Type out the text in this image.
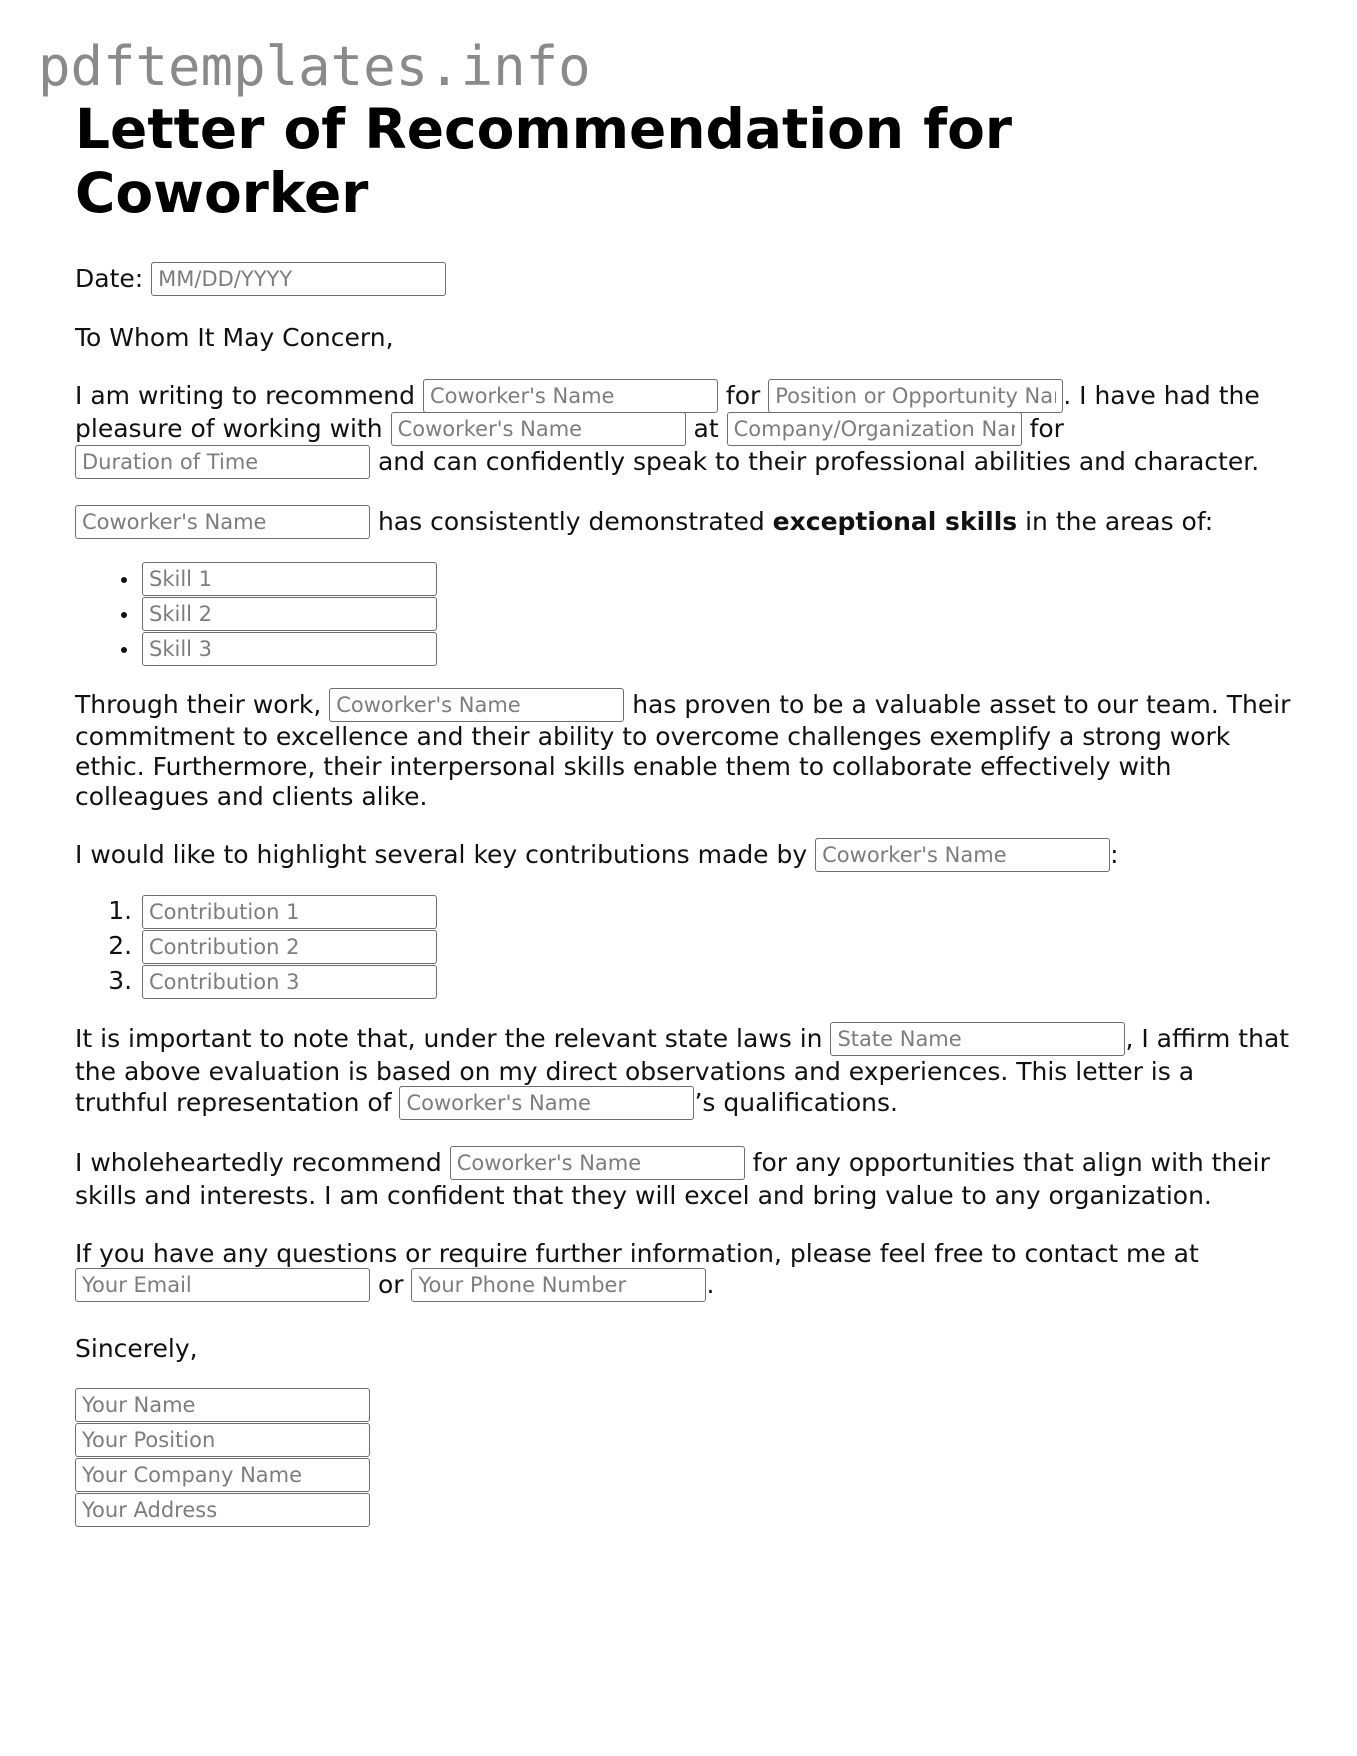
pdftemplates.info
Letter of Recommendation for Coworker

Date: MM/DD/YYYY

To Whom It May Concern,

I am writing to recommend Coworker's Name	for Position or Opportunity Name	. I have had the pleasure of working with Coworker's Name	at Company/Organization Name	for Duration of Time and can confidently speak to their professional abilities and character.

Coworker's Name has consistently demonstrated exceptional skills in the areas of:

• Skill 1
• Skill 2
• Skill 3

Through their work, Coworker's Name	has proven to be a valuable asset to our team. Their commitment to excellence and their ability to overcome challenges exemplify a strong work ethic. Furthermore, their interpersonal skills enable them to collaborate effectively with colleagues and clients alike.

I would like to highlight several key contributions made by Coworker's Name	:

1. Contribution 1
2. Contribution 2
3. Contribution 3

It is important to note that, under the relevant state laws in State Name	, I affirm that the above evaluation is based on my direct observations and experiences. This letter is a truthful representation of Coworker's Name	’s qualifications.

I wholeheartedly recommend Coworker's Name	for any opportunities that align with their skills and interests. I am confident that they will excel and bring value to any organization.

If you have any questions or require further information, please feel free to contact me at Your Email or Your Phone Number	.

Sincerely,

Your Name
Your Position
Your Company Name
Your Address
